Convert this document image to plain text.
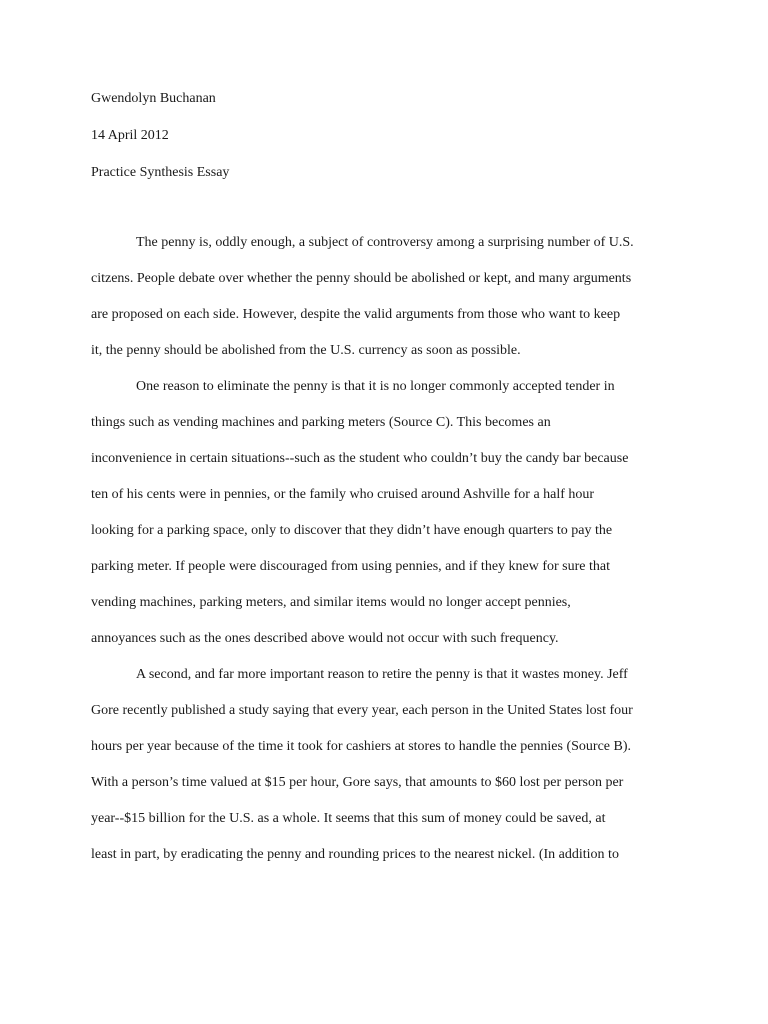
Gwendolyn Buchanan
14 April 2012
Practice Synthesis Essay
The penny is, oddly enough, a subject of controversy among a surprising number of U.S.
citzens. People debate over whether the penny should be abolished or kept, and many arguments
are proposed on each side. However, despite the valid arguments from those who want to keep
it, the penny should be abolished from the U.S. currency as soon as possible.
One reason to eliminate the penny is that it is no longer commonly accepted tender in
things such as vending machines and parking meters (Source C). This becomes an
inconvenience in certain situations--such as the student who couldn’t buy the candy bar because
ten of his cents were in pennies, or the family who cruised around Ashville for a half hour
looking for a parking space, only to discover that they didn’t have enough quarters to pay the
parking meter. If people were discouraged from using pennies, and if they knew for sure that
vending machines, parking meters, and similar items would no longer accept pennies,
annoyances such as the ones described above would not occur with such frequency.
A second, and far more important reason to retire the penny is that it wastes money. Jeff
Gore recently published a study saying that every year, each person in the United States lost four
hours per year because of the time it took for cashiers at stores to handle the pennies (Source B).
With a person’s time valued at $15 per hour, Gore says, that amounts to $60 lost per person per
year--$15 billion for the U.S. as a whole. It seems that this sum of money could be saved, at
least in part, by eradicating the penny and rounding prices to the nearest nickel. (In addition to
